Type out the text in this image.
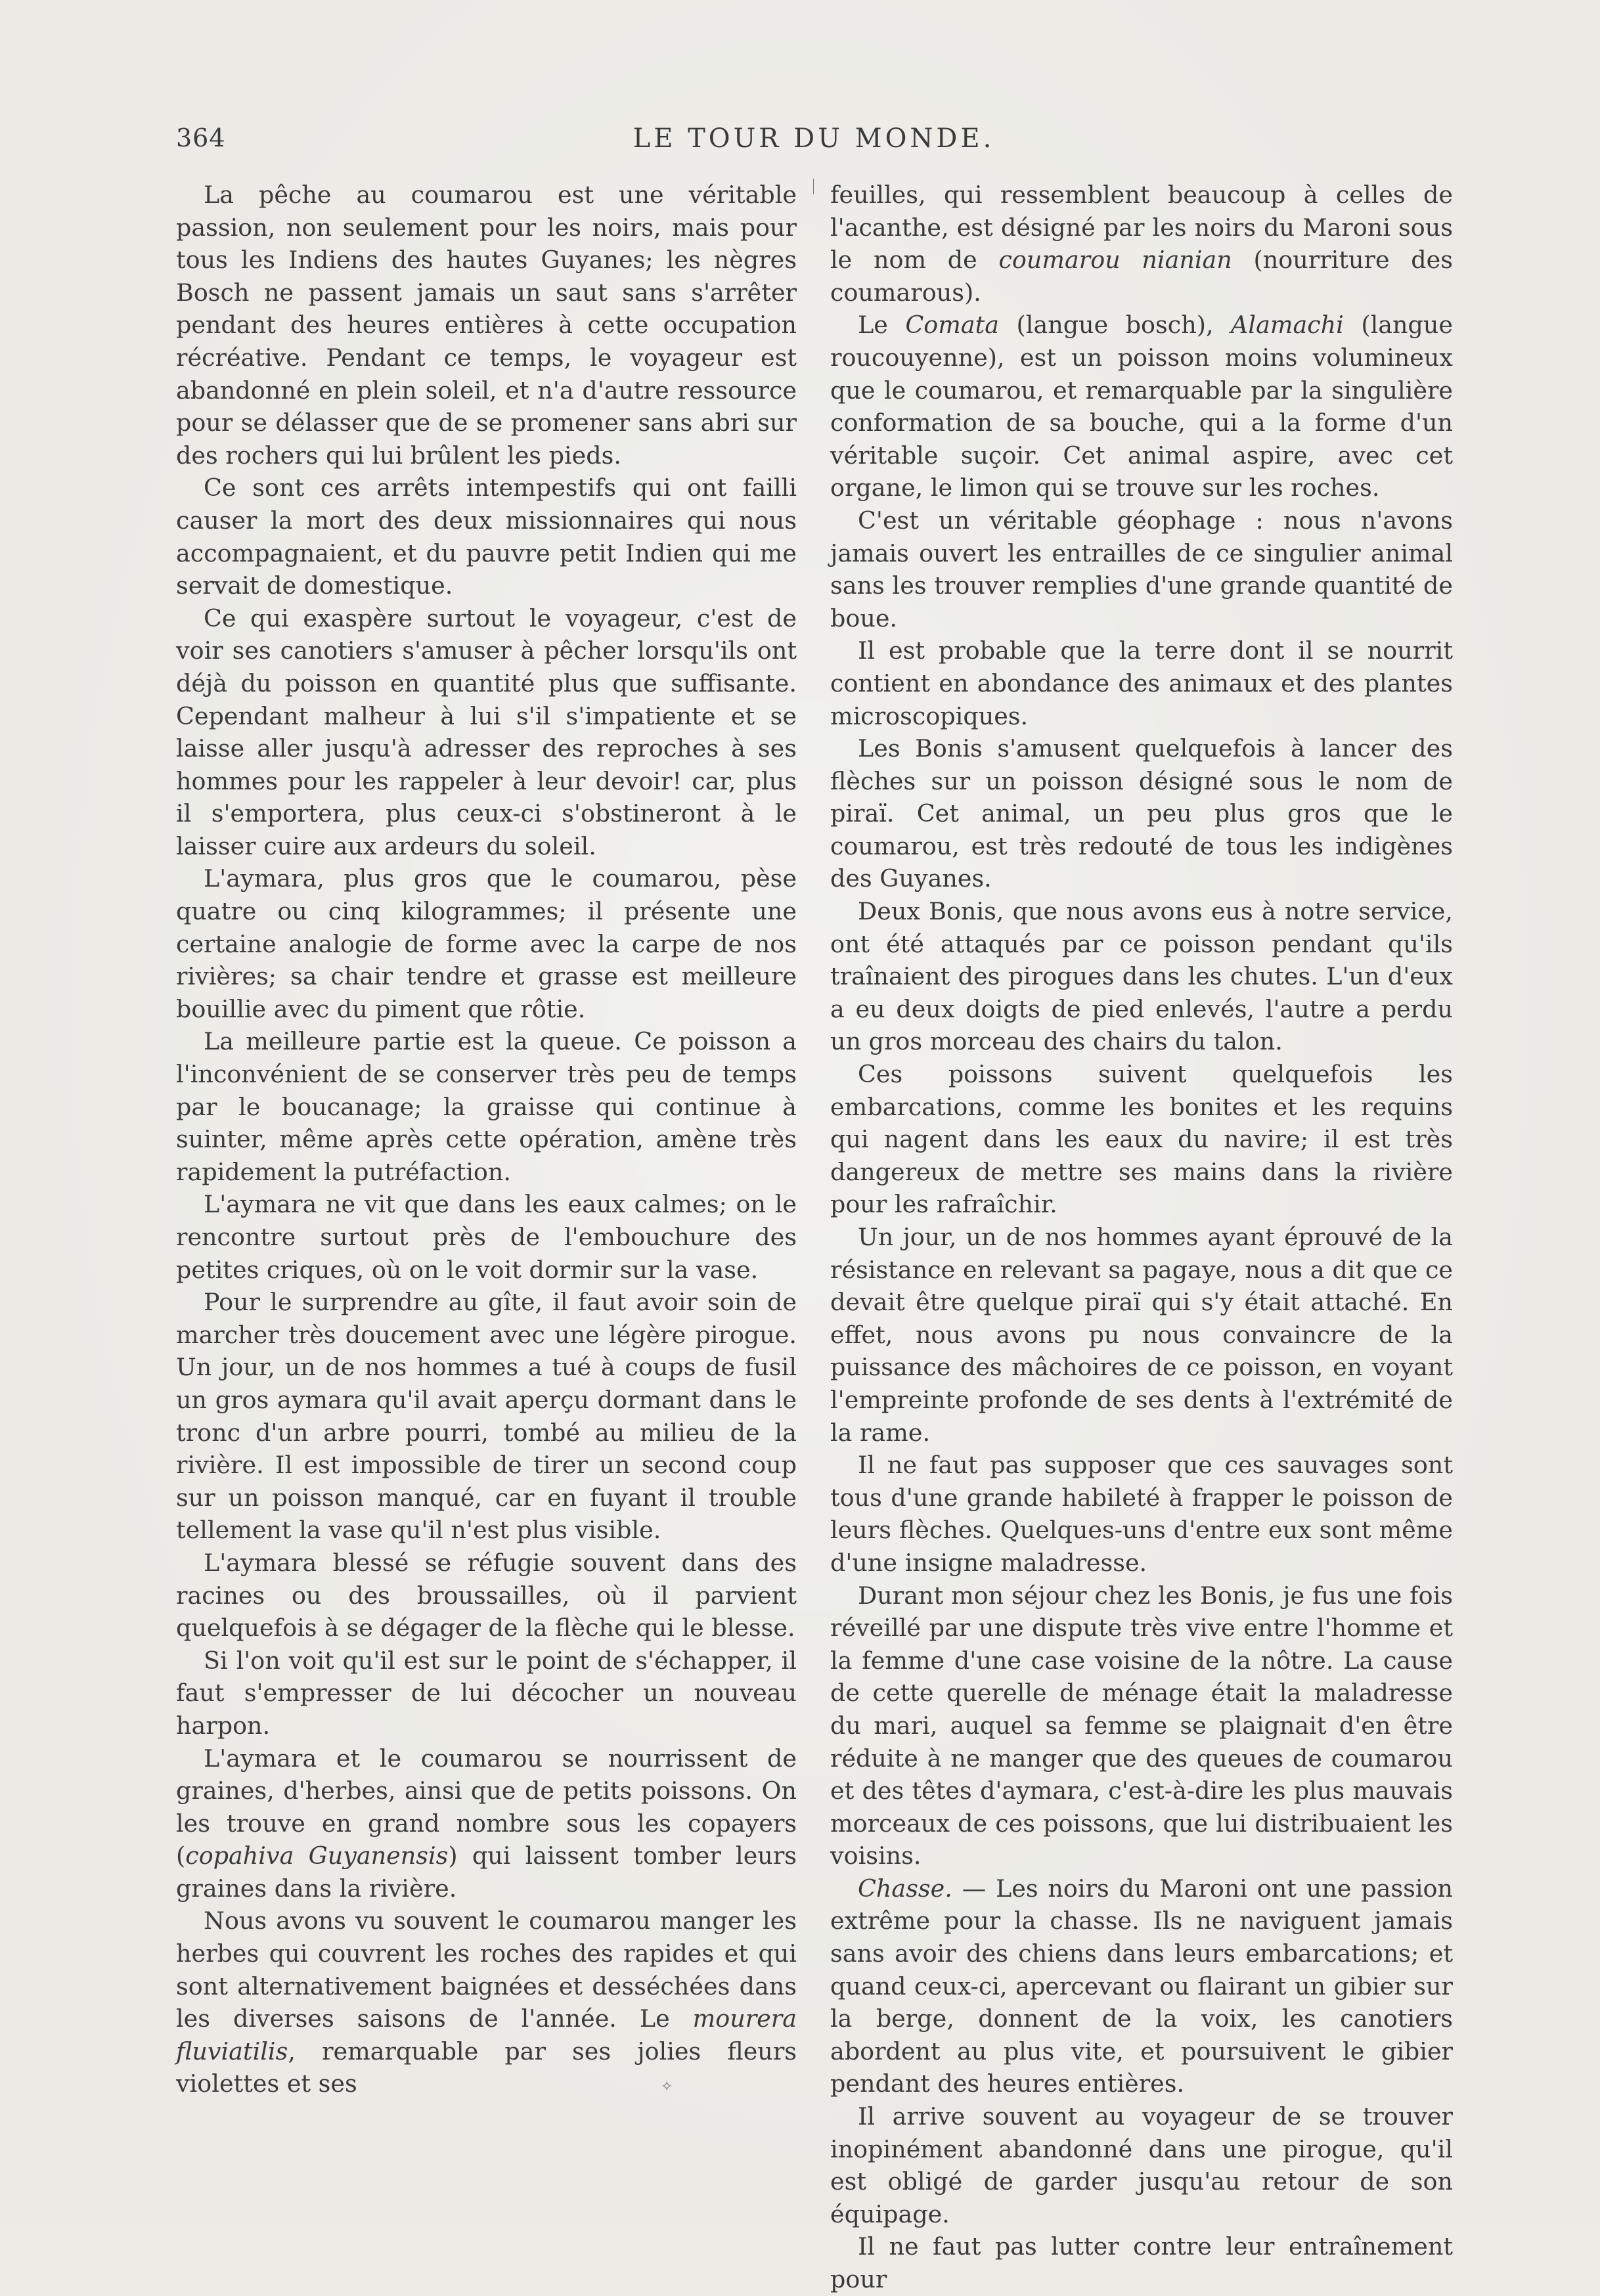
364	LE TOUR DU MONDE.

La pêche au coumarou est une véritable passion, non seulement pour les noirs, mais pour tous les Indiens des hautes Guyanes; les nègres Bosch ne passent jamais un saut sans s'arrêter pendant des heures entières à cette occupation récréative. Pendant ce temps, le voyageur est abandonné en plein soleil, et n'a d'autre ressource pour se délasser que de se promener sans abri sur des rochers qui lui brûlent les pieds.

Ce sont ces arrêts intempestifs qui ont failli causer la mort des deux missionnaires qui nous accompagnaient, et du pauvre petit Indien qui me servait de domestique.

Ce qui exaspère surtout le voyageur, c'est de voir ses canotiers s'amuser à pêcher lorsqu'ils ont déjà du poisson en quantité plus que suffisante. Cependant malheur à lui s'il s'impatiente et se laisse aller jusqu'à adresser des reproches à ses hommes pour les rappeler à leur devoir! car, plus il s'emportera, plus ceux-ci s'obstineront à le laisser cuire aux ardeurs du soleil.

L'aymara, plus gros que le coumarou, pèse quatre ou cinq kilogrammes; il présente une certaine analogie de forme avec la carpe de nos rivières; sa chair tendre et grasse est meilleure bouillie avec du piment que rôtie.

La meilleure partie est la queue. Ce poisson a l'inconvénient de se conserver très peu de temps par le boucanage; la graisse qui continue à suinter, même après cette opération, amène très rapidement la putréfaction.

L'aymara ne vit que dans les eaux calmes; on le rencontre surtout près de l'embouchure des petites criques, où on le voit dormir sur la vase.

Pour le surprendre au gîte, il faut avoir soin de marcher très doucement avec une légère pirogue. Un jour, un de nos hommes a tué à coups de fusil un gros aymara qu'il avait aperçu dormant dans le tronc d'un arbre pourri, tombé au milieu de la rivière. Il est impossible de tirer un second coup sur un poisson manqué, car en fuyant il trouble tellement la vase qu'il n'est plus visible.

L'aymara blessé se réfugie souvent dans des racines ou des broussailles, où il parvient quelquefois à se dégager de la flèche qui le blesse.

Si l'on voit qu'il est sur le point de s'échapper, il faut s'empresser de lui décocher un nouveau harpon.

L'aymara et le coumarou se nourrissent de graines, d'herbes, ainsi que de petits poissons. On les trouve en grand nombre sous les copayers (copahiva Guyanensis) qui laissent tomber leurs graines dans la rivière.

Nous avons vu souvent le coumarou manger les herbes qui couvrent les roches des rapides et qui sont alternativement baignées et desséchées dans les diverses saisons de l'année. Le mourera fluviatilis, remarquable par ses jolies fleurs violettes et ses

feuilles, qui ressemblent beaucoup à celles de l'acanthe, est désigné par les noirs du Maroni sous le nom de coumarou nianian (nourriture des coumarous).

Le Comata (langue bosch), Alamachi (langue roucouyenne), est un poisson moins volumineux que le coumarou, et remarquable par la singulière conformation de sa bouche, qui a la forme d'un véritable suçoir. Cet animal aspire, avec cet organe, le limon qui se trouve sur les roches.

C'est un véritable géophage : nous n'avons jamais ouvert les entrailles de ce singulier animal sans les trouver remplies d'une grande quantité de boue.

Il est probable que la terre dont il se nourrit contient en abondance des animaux et des plantes microscopiques.

Les Bonis s'amusent quelquefois à lancer des flèches sur un poisson désigné sous le nom de piraï. Cet animal, un peu plus gros que le coumarou, est très redouté de tous les indigènes des Guyanes.

Deux Bonis, que nous avons eus à notre service, ont été attaqués par ce poisson pendant qu'ils traînaient des pirogues dans les chutes. L'un d'eux a eu deux doigts de pied enlevés, l'autre a perdu un gros morceau des chairs du talon.

Ces poissons suivent quelquefois les embarcations, comme les bonites et les requins qui nagent dans les eaux du navire; il est très dangereux de mettre ses mains dans la rivière pour les rafraîchir.

Un jour, un de nos hommes ayant éprouvé de la résistance en relevant sa pagaye, nous a dit que ce devait être quelque piraï qui s'y était attaché. En effet, nous avons pu nous convaincre de la puissance des mâchoires de ce poisson, en voyant l'empreinte profonde de ses dents à l'extrémité de la rame.

Il ne faut pas supposer que ces sauvages sont tous d'une grande habileté à frapper le poisson de leurs flèches. Quelques-uns d'entre eux sont même d'une insigne maladresse.

Durant mon séjour chez les Bonis, je fus une fois réveillé par une dispute très vive entre l'homme et la femme d'une case voisine de la nôtre. La cause de cette querelle de ménage était la maladresse du mari, auquel sa femme se plaignait d'en être réduite à ne manger que des queues de coumarou et des têtes d'aymara, c'est-à-dire les plus mauvais morceaux de ces poissons, que lui distribuaient les voisins.

Chasse. — Les noirs du Maroni ont une passion extrême pour la chasse. Ils ne naviguent jamais sans avoir des chiens dans leurs embarcations; et quand ceux-ci, apercevant ou flairant un gibier sur la berge, donnent de la voix, les canotiers abordent au plus vite, et poursuivent le gibier pendant des heures entières.

Il arrive souvent au voyageur de se trouver inopinément abandonné dans une pirogue, qu'il est obligé de garder jusqu'au retour de son équipage.

Il ne faut pas lutter contre leur entraînement pour

✧
